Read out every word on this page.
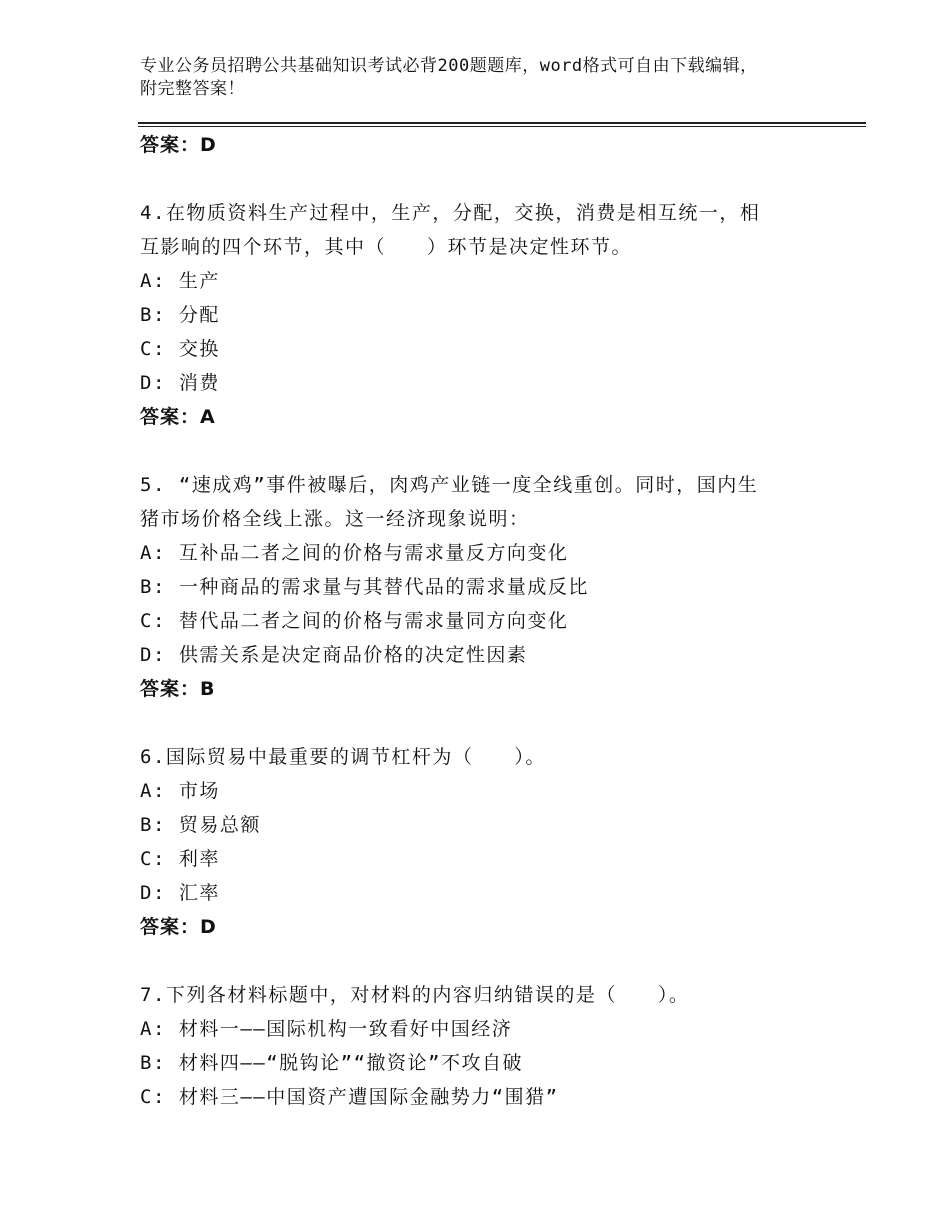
专业公务员招聘公共基础知识考试必背200题题库，word格式可自由下载编辑，
附完整答案！
答案：D
4.在物质资料生产过程中，生产，分配，交换，消费是相互统一，相
互影响的四个环节，其中（　　）环节是决定性环节。
A: 生产
B: 分配
C: 交换
D: 消费
答案：A
5. “速成鸡”事件被曝后，肉鸡产业链一度全线重创。同时，国内生
猪市场价格全线上涨。这一经济现象说明：
A: 互补品二者之间的价格与需求量反方向变化
B: 一种商品的需求量与其替代品的需求量成反比
C: 替代品二者之间的价格与需求量同方向变化
D: 供需关系是决定商品价格的决定性因素
答案：B
6.国际贸易中最重要的调节杠杆为（　　）。
A: 市场
B: 贸易总额
C: 利率
D: 汇率
答案：D
7.下列各材料标题中，对材料的内容归纳错误的是（　　）。
A: 材料一——国际机构一致看好中国经济
B: 材料四——“脱钩论”“撤资论”不攻自破
C: 材料三——中国资产遭国际金融势力“围猎”
